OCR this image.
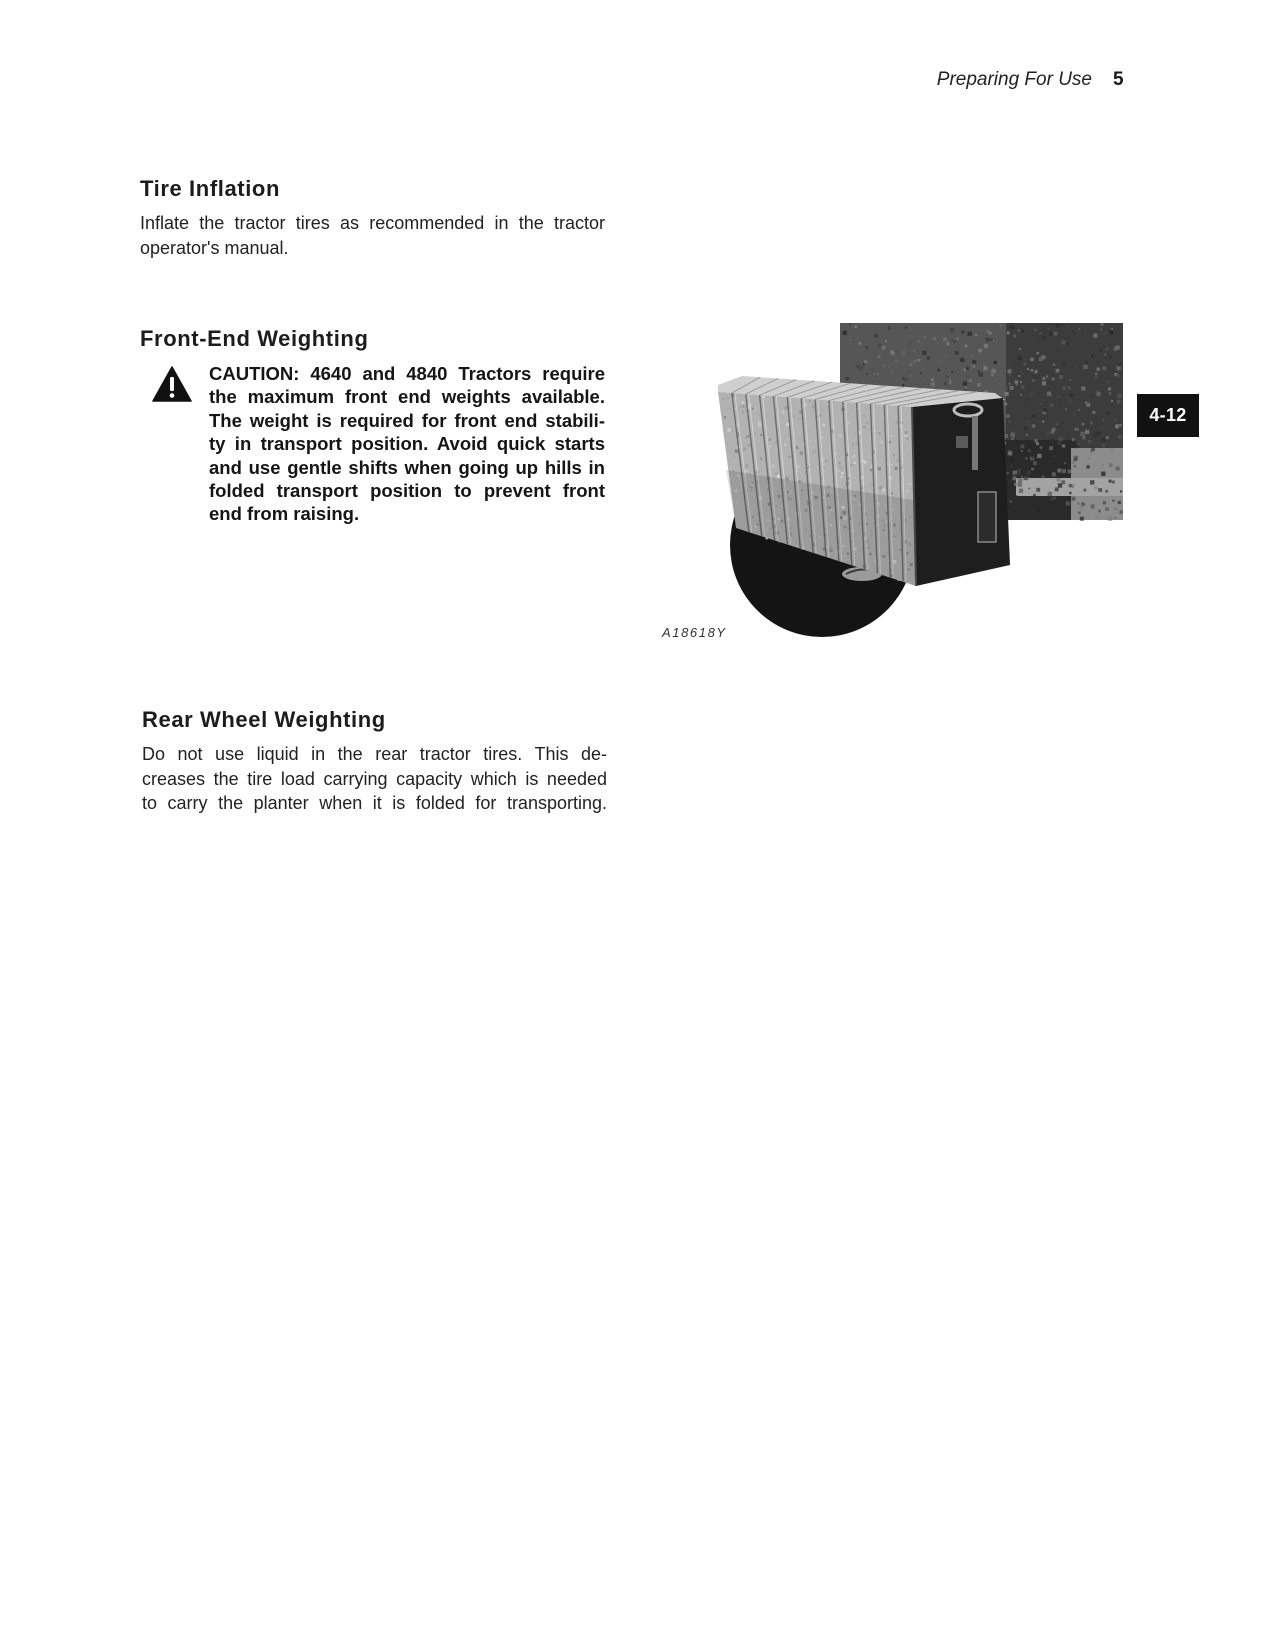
Preparing For Use 5
4-12
Tire Inflation
Inflate the tractor tires as recommended in the tractor
operator's manual.
Front-End Weighting
CAUTION: 4640 and 4840 Tractors require
the maximum front end weights available.
The weight is required for front end stabili-
ty in transport position. Avoid quick starts
and use gentle shifts when going up hills in
folded transport position to prevent front
end from raising.
A18618Y
Rear Wheel Weighting
Do not use liquid in the rear tractor tires. This de-
creases the tire load carrying capacity which is needed
to carry the planter when it is folded for transporting.
